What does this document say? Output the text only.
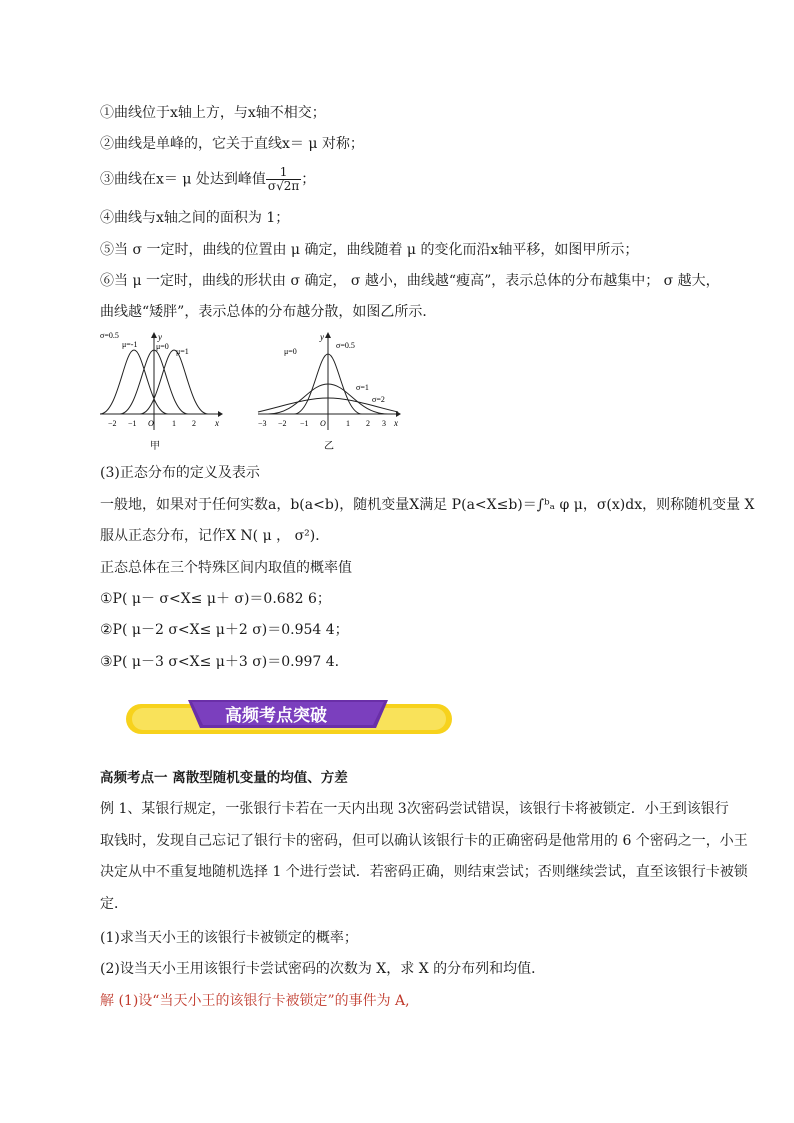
①曲线位于x轴上方，与x轴不相交；
②曲线是单峰的，它关于直线x＝ μ 对称；
③曲线在x＝ μ 处达到峰值 $\frac{1}{\sigma√2\pi}$ ；
④曲线与x轴之间的面积为 1；
⑤当 σ 一定时，曲线的位置由 μ 确定，曲线随着 μ 的变化而沿x轴平移，如图甲所示；
⑥当 μ 一定时，曲线的形状由 σ 确定， σ 越小，曲线越“瘦高”，表示总体的分布越集中； σ 越大，
曲线越“矮胖”，表示总体的分布越分散，如图乙所示．
x
y
σ=0.5
μ=-1 μ=0
μ=1
−2 −1 O 1 2
甲
x
y
μ=0
σ=0.5
σ=1
σ=2
−3 −2 −1 O	1 2 3
乙
(3)正态分布的定义及表示
一般地，如果对于任何实数a，b(a<b)，随机变量X满足 P(a<X≤b)＝∫ᵇₐ φ μ，σ(x)dx，则称随机变量 X
服从正态分布，记作X N( μ ， σ²)．
正态总体在三个特殊区间内取值的概率值
①P( μ－ σ<X≤ μ＋ σ)＝0.682 6；
②P( μ－2 σ<X≤ μ＋2 σ)＝0.954 4；
③P( μ－3 σ<X≤ μ＋3 σ)＝0.997 4.
高频考点突破
高频考点一 离散型随机变量的均值、方差
例 1、某银行规定，一张银行卡若在一天内出现 3次密码尝试错误，该银行卡将被锁定．小王到该银行
取钱时，发现自己忘记了银行卡的密码，但可以确认该银行卡的正确密码是他常用的 6 个密码之一，小王
决定从中不重复地随机选择 1 个进行尝试．若密码正确，则结束尝试；否则继续尝试，直至该银行卡被锁
定．
(1)求当天小王的该银行卡被锁定的概率；
(2)设当天小王用该银行卡尝试密码的次数为 X，求 X 的分布列和均值．
解 (1)设“当天小王的该银行卡被锁定”的事件为 A,
